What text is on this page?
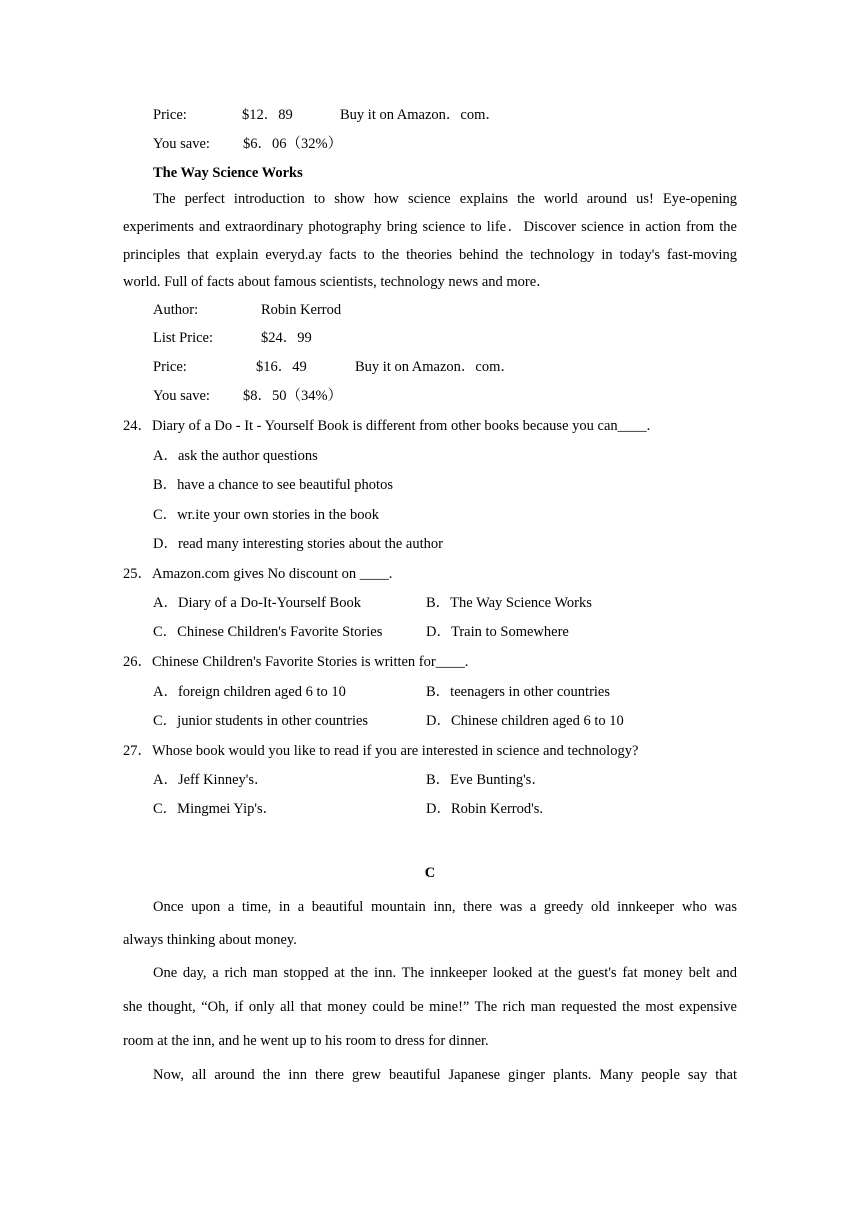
Price:	$12．89	Buy it on Amazon．com．
You save: $6．06（32%）
The Way Science Works
The perfect introduction to show how science explains the world around us! Eye-opening
experiments and extraordinary photography bring science to life．Discover science in action from the
principles that explain everyd.ay facts to the theories behind the technology in today's fast-moving
world. Full of facts about famous scientists, technology news and more．
Author:	Robin Kerrod
List Price:	$24．99
Price:	$16．49	Buy it on Amazon．com．
You save: $8．50（34%）
24．Diary of a Do - It - Yourself Book is different from other books because you can____.
A．ask the author questions
B．have a chance to see beautiful photos
C．wr.ite your own stories in the book
D．read many interesting stories about the author
25．Amazon.com gives No discount on ____.
A．Diary of a Do-It-Yourself Book	B．The Way Science Works
C．Chinese Children's Favorite Stories	D．Train to Somewhere
26．Chinese Children's Favorite Stories is written for____.
A．foreign children aged 6 to 10	B．teenagers in other countries
C．junior students in other countries	D．Chinese children aged 6 to 10
27．Whose book would you like to read if you are interested in science and technology?
A．Jeff Kinney's．	B．Eve Bunting's．
C．Mingmei Yip's．	D．Robin Kerrod's.
C
Once upon a time, in a beautiful mountain inn, there was a greedy old innkeeper who was
always thinking about money.
One day, a rich man stopped at the inn. The innkeeper looked at the guest's fat money belt and
she thought, “Oh, if only all that money could be mine!” The rich man requested the most expensive
room at the inn, and he went up to his room to dress for dinner.
Now, all around the inn there grew beautiful Japanese ginger plants. Many people say that
